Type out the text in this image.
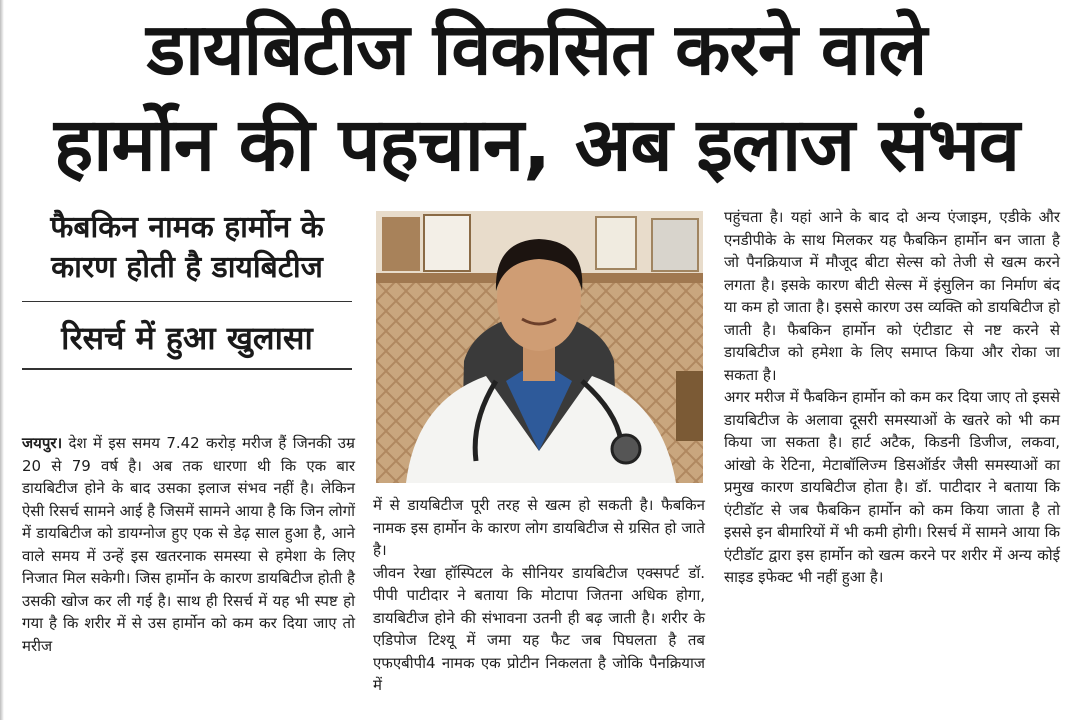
डायबिटीज विकसित करने वाले
हार्मोन की पहचान, अब इलाज संभव
फैबकिन नामक हार्मोन के
कारण होती है डायबिटीज
रिसर्च में हुआ खुलासा

जयपुर। देश में इस समय 7.42 करोड़ मरीज हैं जिनकी उम्र 20 से 79 वर्ष है। अब तक धारणा थी कि एक बार डायबिटीज होने के बाद उसका इलाज संभव नहीं है। लेकिन ऐसी रिसर्च सामने आई है जिसमें सामने आया है कि जिन लोगों में डायबिटीज को डायग्नोज हुए एक से डेढ़ साल हुआ है, आने वाले समय में उन्हें इस खतरनाक समस्या से हमेशा के लिए निजात मिल सकेगी। जिस हार्मोन के कारण डायबिटीज होती है उसकी खोज कर ली गई है। साथ ही रिसर्च में यह भी स्पष्ट हो गया है कि शरीर में से उस हार्मोन को कम कर दिया जाए तो मरीज

में से डायबिटीज पूरी तरह से खत्म हो सकती है। फैबकिन नामक इस हार्मोन के कारण लोग डायबिटीज से ग्रसित हो जाते है।

जीवन रेखा हॉस्पिटल के सीनियर डायबिटीज एक्सपर्ट डॉ. पीपी पाटीदार ने बताया कि मोटापा जितना अधिक होगा, डायबिटीज होने की संभावना उतनी ही बढ़ जाती है। शरीर के एडिपोज टिश्यू में जमा यह फैट जब पिघलता है तब एफएबीपी4 नामक एक प्रोटीन निकलता है जोकि पैनक्रियाज में

पहुंचता है। यहां आने के बाद दो अन्य एंजाइम, एडीके और एनडीपीके के साथ मिलकर यह फैबकिन हार्मोन बन जाता है जो पैनक्रियाज में मौजूद बीटा सेल्स को तेजी से खत्म करने लगता है। इसके कारण बीटी सेल्स में इंसुलिन का निर्माण बंद या कम हो जाता है। इससे कारण उस व्यक्ति को डायबिटीज हो जाती है। फैबकिन हार्मोन को एंटीडाट से नष्ट करने से डायबिटीज को हमेशा के लिए समाप्त किया और रोका जा सकता है।

अगर मरीज में फैबकिन हार्मोन को कम कर दिया जाए तो इससे डायबिटीज के अलावा दूसरी समस्याओं के खतरे को भी कम किया जा सकता है। हार्ट अटैक, किडनी डिजीज, लकवा, आंखो के रेटिना, मेटाबॉलिज्म डिसऑर्डर जैसी समस्याओं का प्रमुख कारण डायबिटीज होता है। डॉ. पाटीदार ने बताया कि एंटीडॉट से जब फैबकिन हार्मोन को कम किया जाता है तो इससे इन बीमारियों में भी कमी होगी। रिसर्च में सामने आया कि एंटीडॉट द्वारा इस हार्मोन को खत्म करने पर शरीर में अन्य कोई साइड इफेक्ट भी नहीं हुआ है।
